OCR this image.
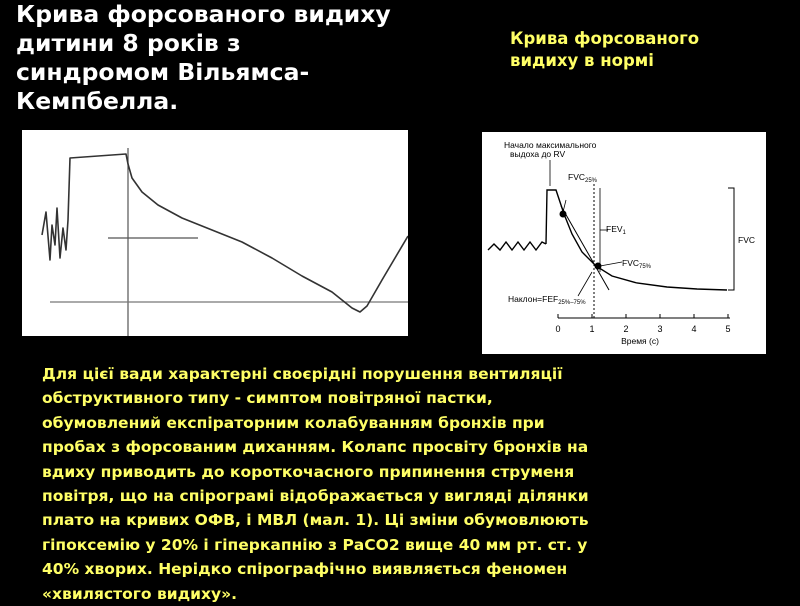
Крива форсованого видиху
дитини 8 років з
синдромом Вільямса-
Кемпбелла.
Крива форсованого
видиху в нормі
Начало максимального
выдоха до RV
$FVC_{25\%}$
$FEV_1$
$FVC_{75\%}$
$Наклон=FEF_{25\%-75\%}$
FVC
0	1	2	3	4	5
Время (с)
Для цієї вади характерні своєрідні порушення вентиляції
обструктивного типу - симптом повітряної пастки,
обумовлений експіраторним колабуванням бронхів при
пробах з форсованим диханням. Колапс просвіту бронхів на
вдиху приводить до короткочасного припинення струменя
повітря, що на спірограмі відображається у вигляді ділянки
плато на кривих ОФВ, і МВЛ (мал. 1). Ці зміни обумовлюють
гіпоксемію у 20% і гіперкапнію з РаСО2 вище 40 мм рт. ст. у
40% хворих. Нерідко спірографічно виявляється феномен
«хвилястого видиху».
